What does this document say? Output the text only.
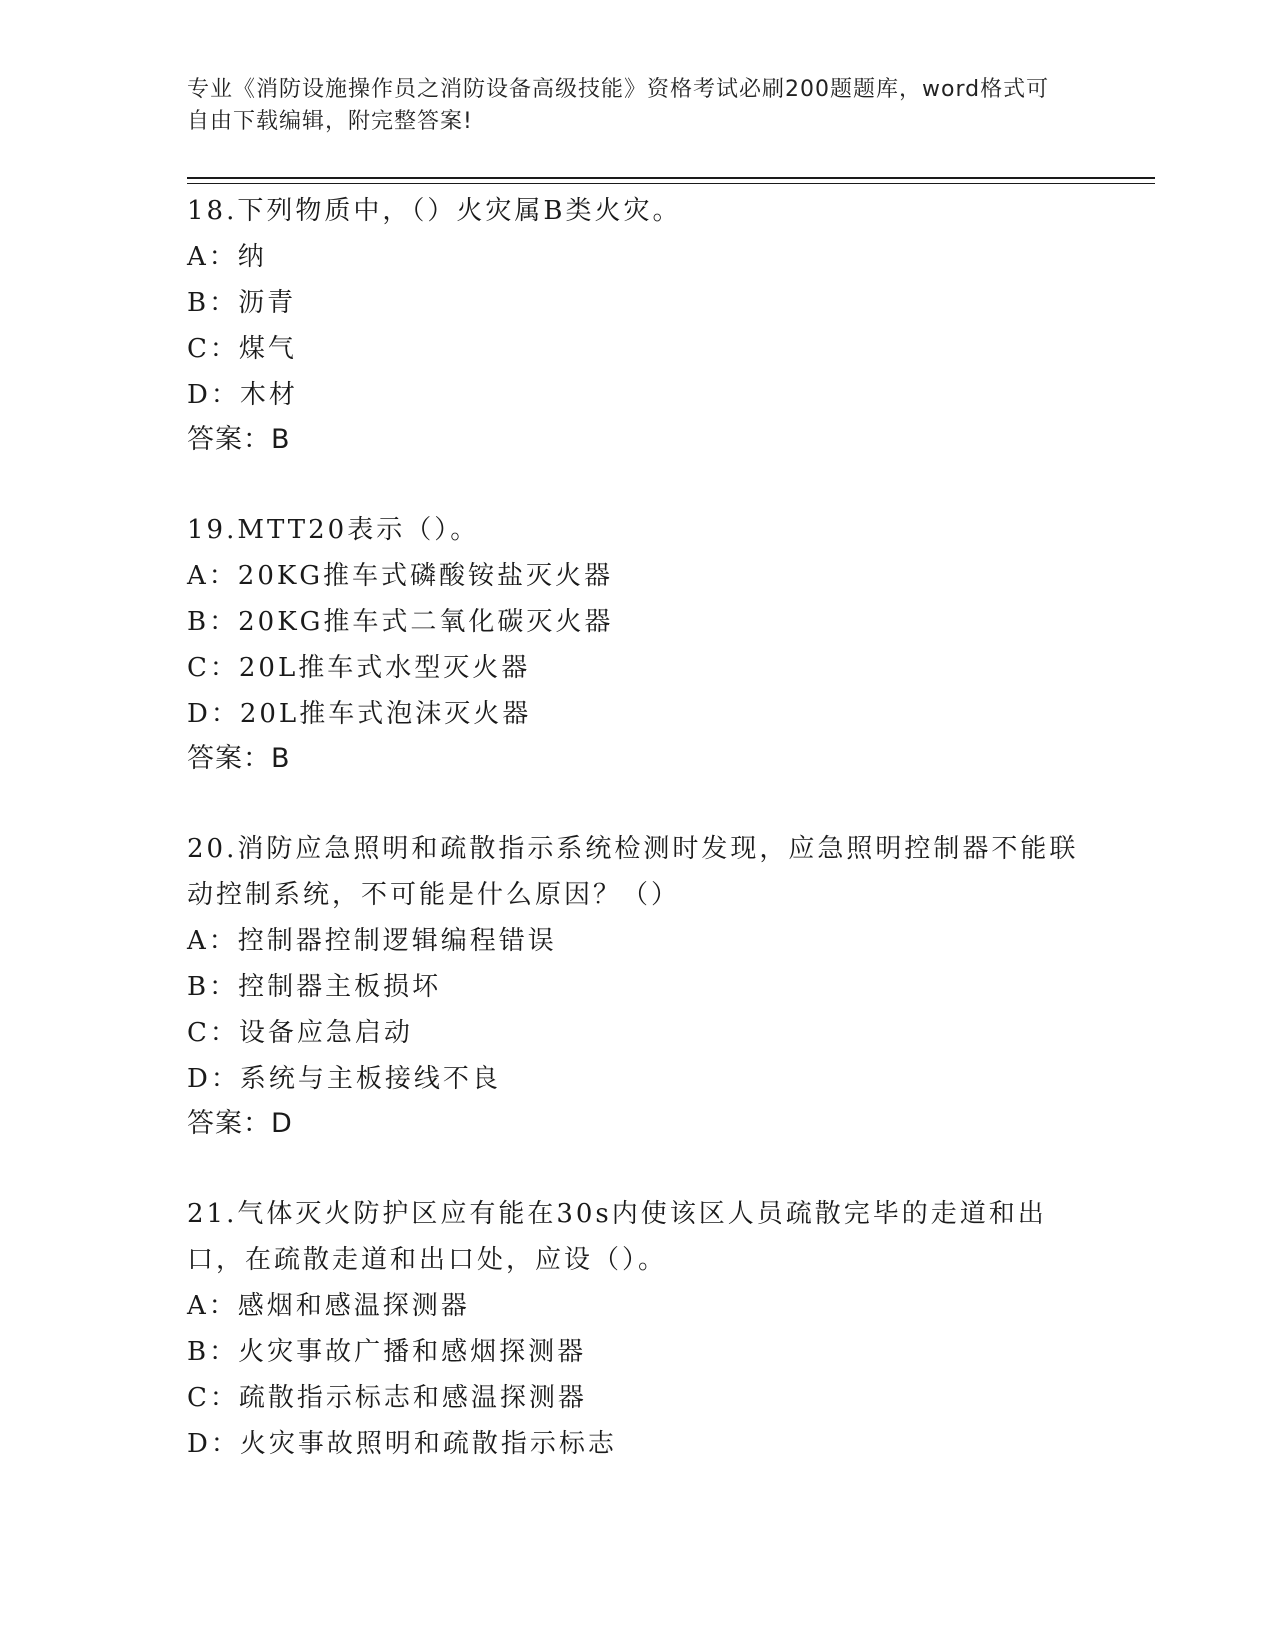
专业《消防设施操作员之消防设备高级技能》资格考试必刷200题题库，word格式可自由下载编辑，附完整答案!

18.下列物质中，（）火灾属B类火灾。

A：纳
B：沥青
C：煤气
D：木材

答案：B

19.MTT20表示（）。

A：20KG推车式磷酸铵盐灭火器
B：20KG推车式二氧化碳灭火器
C：20L推车式水型灭火器
D：20L推车式泡沫灭火器

答案：B

20.消防应急照明和疏散指示系统检测时发现，应急照明控制器不能联动控制系统，不可能是什么原因？（）

A：控制器控制逻辑编程错误
B：控制器主板损坏
C：设备应急启动
D：系统与主板接线不良

答案：D

21.气体灭火防护区应有能在30s内使该区人员疏散完毕的走道和出口，在疏散走道和出口处，应设（）。

A：感烟和感温探测器
B：火灾事故广播和感烟探测器
C：疏散指示标志和感温探测器
D：火灾事故照明和疏散指示标志
